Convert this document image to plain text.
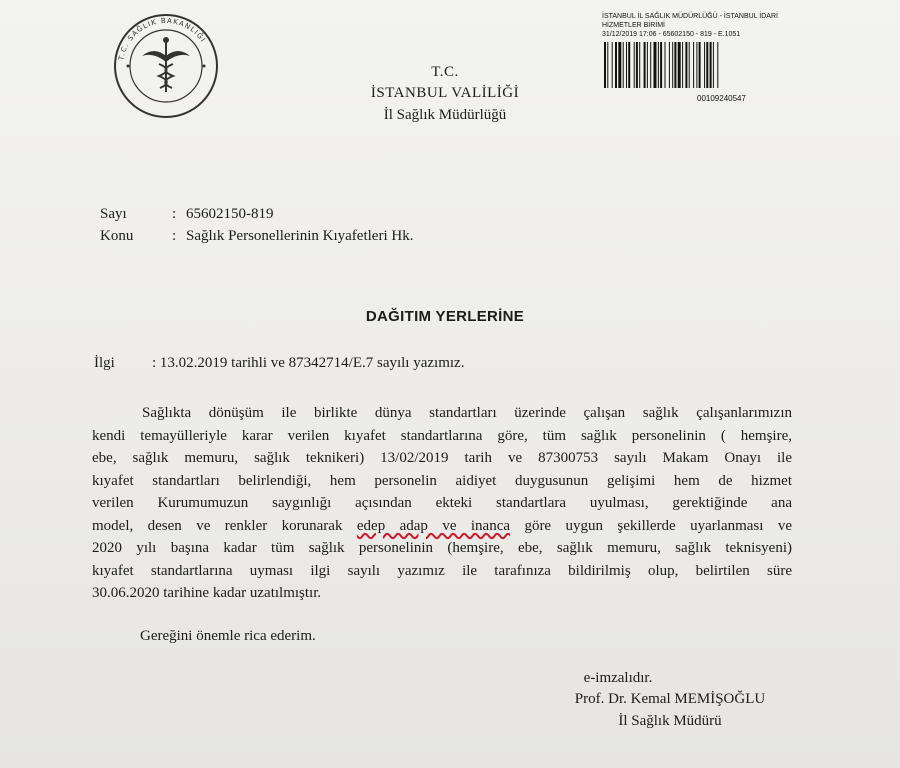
T.C. SAĞLIK BAKANLIĞI
T.C.
İSTANBUL VALİLİĞİ
İl Sağlık Müdürlüğü
İSTANBUL İL SAĞLIK MÜDÜRLÜĞÜ - İSTANBUL İDARİ
HİZMETLER BİRİMİ
31/12/2019 17:06 - 65602150 - 819 - E.1051
00109240547
Sayı	: 65602150-819
Konu	: Sağlık Personellerinin Kıyafetleri Hk.
DAĞITIM YERLERİNE
İlgi : 13.02.2019 tarihli ve 87342714/E.7 sayılı yazımız.
Sağlıkta dönüşüm ile birlikte dünya standartları üzerinde çalışan sağlık çalışanlarımızın
kendi temayülleriyle karar verilen kıyafet standartlarına göre, tüm sağlık personelinin ( hemşire,
ebe, sağlık memuru, sağlık teknikeri) 13/02/2019 tarih ve 87300753 sayılı Makam Onayı ile
kıyafet standartları belirlendiği, hem personelin aidiyet duygusunun gelişimi hem de hizmet
verilen Kurumumuzun saygınlığı açısından ekteki standartlara uyulması, gerektiğinde ana
model, desen ve renkler korunarak edep adap ve inanca göre uygun şekillerde uyarlanması ve
2020 yılı başına kadar tüm sağlık personelinin (hemşire, ebe, sağlık memuru, sağlık teknisyeni)
kıyafet standartlarına uyması ilgi sayılı yazımız ile tarafınıza bildirilmiş olup, belirtilen süre
30.06.2020 tarihine kadar uzatılmıştır.
Gereğini önemle rica ederim.
e-imzalıdır.
Prof. Dr. Kemal MEMİŞOĞLU
İl Sağlık Müdürü
